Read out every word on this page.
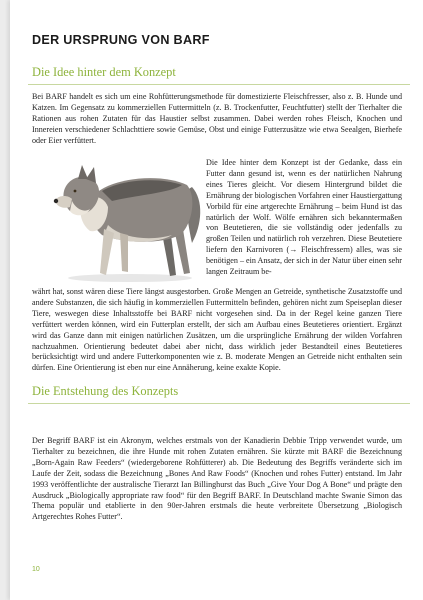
DER URSPRUNG VON BARF
Die Idee hinter dem Konzept

Bei BARF handelt es sich um eine Rohfütterungsmethode für domestizierte Fleischfresser, also z. B. Hunde und Katzen. Im Gegensatz zu kommerziellen Futtermitteln (z. B. Trockenfutter, Feuchtfutter) stellt der Tierhalter die Rationen aus rohen Zutaten für das Haustier selbst zusammen. Dabei werden rohes Fleisch, Knochen und Innereien verschiedener Schlachttiere sowie Gemüse, Obst und einige Futterzusätze wie etwa Seealgen, Bierhefe oder Eier verfüttert.

Die Idee hinter dem Konzept ist der Gedanke, dass ein Futter dann gesund ist, wenn es der natürlichen Nahrung eines Tieres gleicht. Vor diesem Hintergrund bildet die Ernährung der biologischen Vorfahren einer Haustiergattung Vorbild für eine artgerechte Ernährung – beim Hund ist das natürlich der Wolf. Wölfe ernähren sich bekanntermaßen von Beutetieren, die sie vollständig oder jedenfalls zu großen Teilen und natürlich roh verzehren. Diese Beutetiere liefern den Karnivoren (→ Fleischfressern) alles, was sie benötigen – ein Ansatz, der sich in der Natur über einen sehr langen Zeitraum be-

währt hat, sonst wären diese Tiere längst ausgestorben. Große Mengen an Getreide, synthetische Zusatzstoffe und andere Substanzen, die sich häufig in kommerziellen Futtermitteln befinden, gehören nicht zum Speiseplan dieser Tiere, weswegen diese Inhaltsstoffe bei BARF nicht vorgesehen sind. Da in der Regel keine ganzen Tiere verfüttert werden können, wird ein Futterplan erstellt, der sich am Aufbau eines Beutetieres orientiert. Ergänzt wird das Ganze dann mit einigen natürlichen Zusätzen, um die ursprüngliche Ernährung der wilden Vorfahren nachzuahmen. Orientierung bedeutet dabei aber nicht, dass wirklich jeder Bestandteil eines Beutetieres berücksichtigt wird und andere Futterkomponenten wie z. B. moderate Mengen an Getreide nicht enthalten sein dürfen. Eine Orientierung ist eben nur eine Annäherung, keine exakte Kopie.

Die Entstehung des Konzepts

Der Begriff BARF ist ein Akronym, welches erstmals von der Kanadierin Debbie Tripp verwendet wurde, um Tierhalter zu bezeichnen, die ihre Hunde mit rohen Zutaten ernähren. Sie kürzte mit BARF die Bezeichnung „Born-Again Raw Feeders“ (wiedergeborene Rohfütterer) ab. Die Bedeutung des Begriffs veränderte sich im Laufe der Zeit, sodass die Bezeichnung „Bones And Raw Foods“ (Knochen und rohes Futter) entstand. Im Jahr 1993 veröffentlichte der australische Tierarzt Ian Billinghurst das Buch „Give Your Dog A Bone“ und prägte den Ausdruck „Biologically appropriate raw food“ für den Begriff BARF. In Deutschland machte Swanie Simon das Thema populär und etablierte in den 90er-Jahren erstmals die heute verbreitete Übersetzung „Biologisch Artgerechtes Rohes Futter“.

10
